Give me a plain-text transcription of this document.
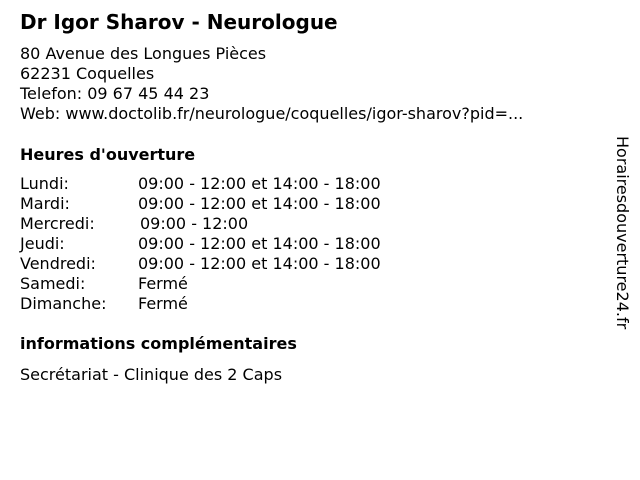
Dr Igor Sharov - Neurologue
80 Avenue des Longues Pièces
62231 Coquelles
Telefon: 09 67 45 44 23
Web: www.doctolib.fr/neurologue/coquelles/igor-sharov?pid=...
Heures d'ouverture
Lundi:	09:00 - 12:00 et 14:00 - 18:00
Mardi:	09:00 - 12:00 et 14:00 - 18:00
Mercredi:	09:00 - 12:00
Jeudi:	09:00 - 12:00 et 14:00 - 18:00
Vendredi:	09:00 - 12:00 et 14:00 - 18:00
Samedi:	Fermé
Dimanche:	Fermé
informations complémentaires
Secrétariat - Clinique des 2 Caps
Horairesdouverture24.fr
